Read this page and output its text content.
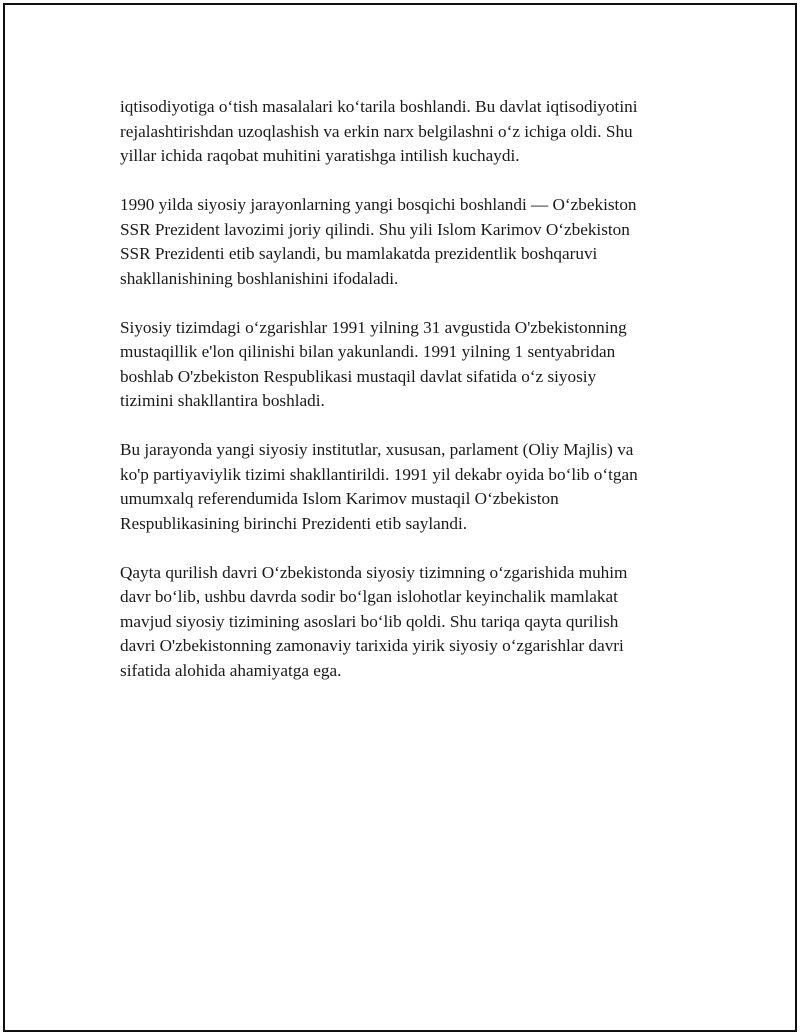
iqtisodiyotiga o‘tish masalalari ko‘tarila boshlandi. Bu davlat iqtisodiyotini
rejalashtirishdan uzoqlashish va erkin narx belgilashni o‘z ichiga oldi. Shu
yillar ichida raqobat muhitini yaratishga intilish kuchaydi.

1990 yilda siyosiy jarayonlarning yangi bosqichi boshlandi — O‘zbekiston
SSR Prezident lavozimi joriy qilindi. Shu yili Islom Karimov O‘zbekiston
SSR Prezidenti etib saylandi, bu mamlakatda prezidentlik boshqaruvi
shakllanishining boshlanishini ifodaladi.

Siyosiy tizimdagi o‘zgarishlar 1991 yilning 31 avgustida O'zbekistonning
mustaqillik e'lon qilinishi bilan yakunlandi. 1991 yilning 1 sentyabridan
boshlab O'zbekiston Respublikasi mustaqil davlat sifatida o‘z siyosiy
tizimini shakllantira boshladi.

Bu jarayonda yangi siyosiy institutlar, xususan, parlament (Oliy Majlis) va
ko'p partiyaviylik tizimi shakllantirildi. 1991 yil dekabr oyida bo‘lib o‘tgan
umumxalq referendumida Islom Karimov mustaqil O‘zbekiston
Respublikasining birinchi Prezidenti etib saylandi.

Qayta qurilish davri O‘zbekistonda siyosiy tizimning o‘zgarishida muhim
davr bo‘lib, ushbu davrda sodir bo‘lgan islohotlar keyinchalik mamlakat
mavjud siyosiy tizimining asoslari bo‘lib qoldi. Shu tariqa qayta qurilish
davri O'zbekistonning zamonaviy tarixida yirik siyosiy o‘zgarishlar davri
sifatida alohida ahamiyatga ega.
